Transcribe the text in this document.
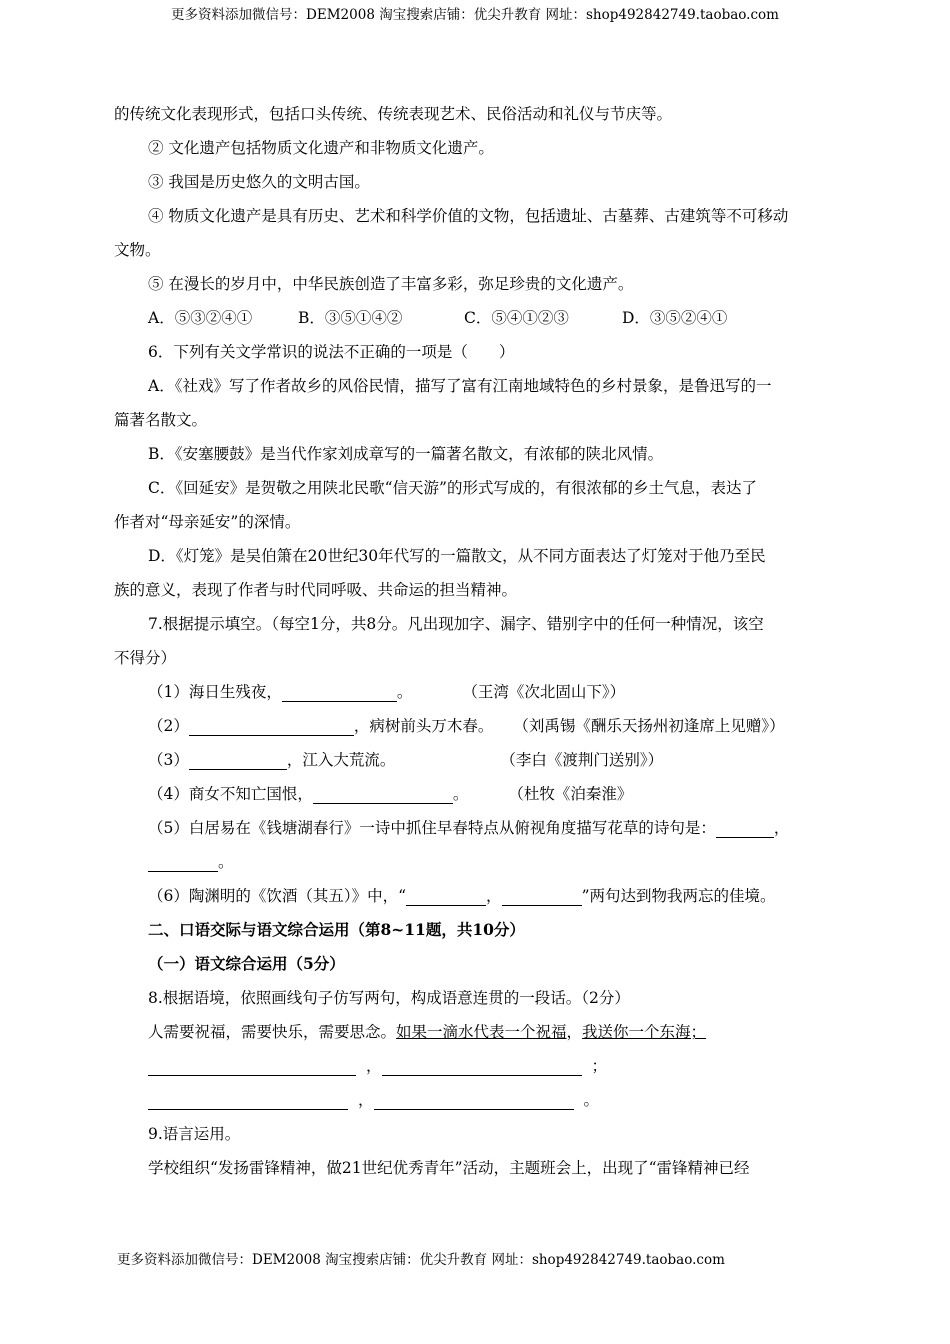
更多资料添加微信号：DEM2008 淘宝搜索店铺：优尖升教育 网址：shop492842749.taobao.com
的传统文化表现形式，包括口头传统、传统表现艺术、民俗活动和礼仪与节庆等。
② 文化遗产包括物质文化遗产和非物质文化遗产。
③ 我国是历史悠久的文明古国。
④ 物质文化遗产是具有历史、艺术和科学价值的文物，包括遗址、古墓葬、古建筑等不可移动
文物。
⑤ 在漫长的岁月中，中华民族创造了丰富多彩，弥足珍贵的文化遗产。
A．⑤③②④①	B．③⑤①④②	C．⑤④①②③	D．③⑤②④①
6．下列有关文学常识的说法不正确的一项是（　　）
A．《社戏》写了作者故乡的风俗民情，描写了富有江南地域特色的乡村景象，是鲁迅写的一
篇著名散文。
B．《安塞腰鼓》是当代作家刘成章写的一篇著名散文，有浓郁的陕北风情。
C．《回延安》是贺敬之用陕北民歌“信天游”的形式写成的，有很浓郁的乡土气息，表达了
作者对“母亲延安”的深情。
D．《灯笼》是吴伯箫在20世纪30年代写的一篇散文，从不同方面表达了灯笼对于他乃至民
族的意义，表现了作者与时代同呼吸、共命运的担当精神。
7.根据提示填空。（每空1分，共8分。凡出现加字、漏字、错别字中的任何一种情况，该空
不得分）
（1）海日生残夜，	。	（王湾《次北固山下》）
（2）	，病树前头万木春。 （刘禹锡《酬乐天扬州初逢席上见赠》）
（3）	，江入大荒流。	（李白《渡荆门送别》）
（4）商女不知亡国恨，	。	（杜牧《泊秦淮》
（5）白居易在《钱塘湖春行》一诗中抓住早春特点从俯视角度描写花草的诗句是：	，
。
（6）陶渊明的《饮酒（其五）》中，“	，	”两句达到物我两忘的佳境。
二、口语交际与语文综合运用（第8~11题，共10分）
（一）语文综合运用（5分）
8.根据语境，依照画线句子仿写两句，构成语意连贯的一段话。（2分）
人需要祝福，需要快乐，需要思念。如果一滴水代表一个祝福，我送你一个东海；
，	；
，	。
9.语言运用。
学校组织“发扬雷锋精神，做21世纪优秀青年”活动，主题班会上，出现了“雷锋精神已经
更多资料添加微信号：DEM2008 淘宝搜索店铺：优尖升教育 网址：shop492842749.taobao.com
